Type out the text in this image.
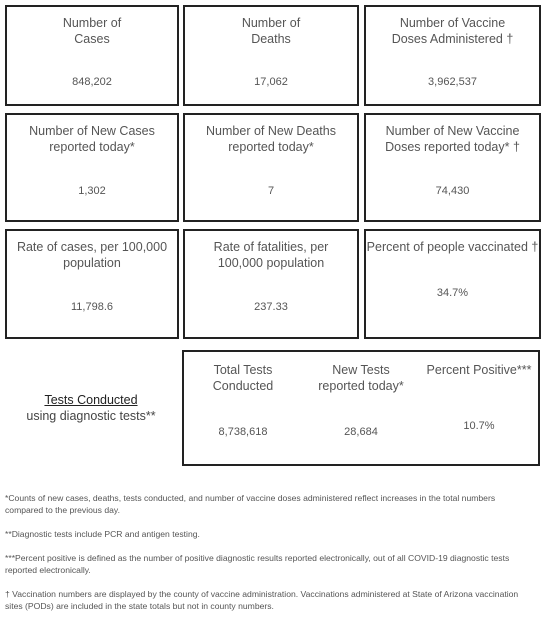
Number of
Cases
848,202
Number of
Deaths
17,062
Number of Vaccine
Doses Administered †
3,962,537
Number of New Cases
reported today*
1,302
Number of New Deaths
reported today*
7
Number of New Vaccine
Doses reported today* †
74,430
Rate of cases, per 100,000
population
11,798.6
Rate of fatalities, per
100,000 population
237.33
Percent of people vaccinated †
34.7%
Tests Conducted
using diagnostic tests**
Total Tests
Conducted
8,738,618
New Tests
reported today*
28,684
Percent Positive***
10.7%

*Counts of new cases, deaths, tests conducted, and number of vaccine doses administered reflect increases in the total numbers compared to the previous day.

**Diagnostic tests include PCR and antigen testing.

***Percent positive is defined as the number of positive diagnostic results reported electronically, out of all COVID-19 diagnostic tests reported electronically.

† Vaccination numbers are displayed by the county of vaccine administration. Vaccinations administered at State of Arizona vaccination sites (PODs) are included in the state totals but not in county numbers.
